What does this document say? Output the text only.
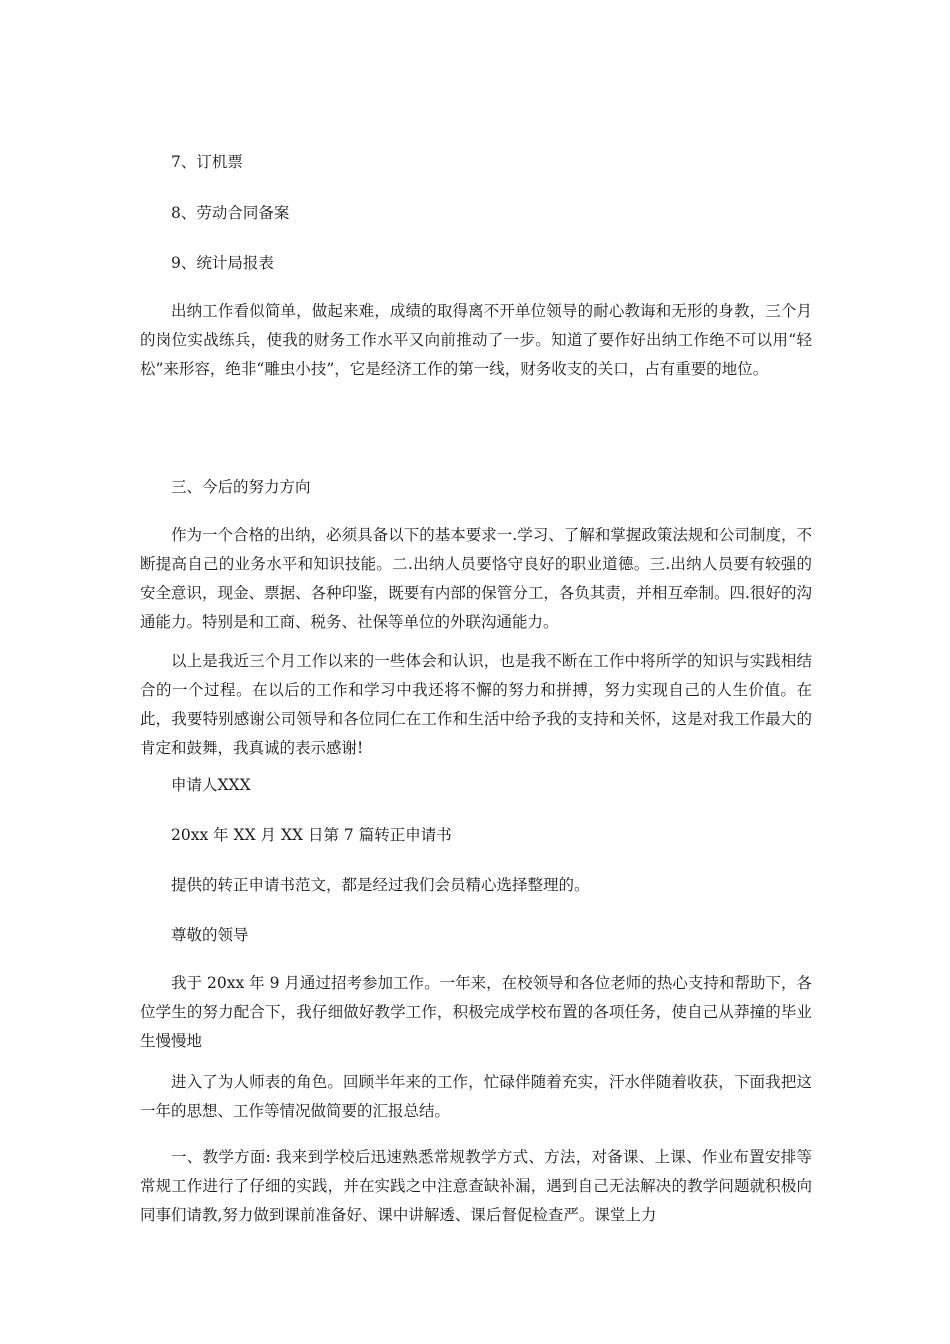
7、订机票

8、劳动合同备案

9、统计局报表

出纳工作看似简单，做起来难，成绩的取得离不开单位领导的耐心教诲和无形的身教，三个月的岗位实战练兵，使我的财务工作水平又向前推动了一步。知道了要作好出纳工作绝不可以用“轻松”来形容，绝非“雕虫小技”，它是经济工作的第一线，财务收支的关口，占有重要的地位。

三、今后的努力方向

作为一个合格的出纳，必须具备以下的基本要求一.学习、了解和掌握政策法规和公司制度，不断提高自己的业务水平和知识技能。二.出纳人员要恪守良好的职业道德。三.出纳人员要有较强的安全意识，现金、票据、各种印鉴，既要有内部的保管分工，各负其责，并相互牵制。四.很好的沟通能力。特别是和工商、税务、社保等单位的外联沟通能力。

以上是我近三个月工作以来的一些体会和认识，也是我不断在工作中将所学的知识与实践相结合的一个过程。在以后的工作和学习中我还将不懈的努力和拼搏，努力实现自己的人生价值。在此，我要特别感谢公司领导和各位同仁在工作和生活中给予我的支持和关怀，这是对我工作最大的肯定和鼓舞，我真诚的表示感谢!

申请人XXX

20xx 年 XX 月 XX 日第 7 篇转正申请书

提供的转正申请书范文，都是经过我们会员精心选择整理的。

尊敬的领导

我于 20xx 年 9 月通过招考参加工作。一年来，在校领导和各位老师的热心支持和帮助下，各位学生的努力配合下，我仔细做好教学工作，积极完成学校布置的各项任务，使自己从莽撞的毕业生慢慢地

进入了为人师表的角色。回顾半年来的工作，忙碌伴随着充实，汗水伴随着收获，下面我把这一年的思想、工作等情况做简要的汇报总结。

一、教学方面: 我来到学校后迅速熟悉常规教学方式、方法，对备课、上课、作业布置安排等常规工作进行了仔细的实践，并在实践之中注意查缺补漏，遇到自己无法解决的教学问题就积极向同事们请教,努力做到课前准备好、课中讲解透、课后督促检查严。课堂上力
